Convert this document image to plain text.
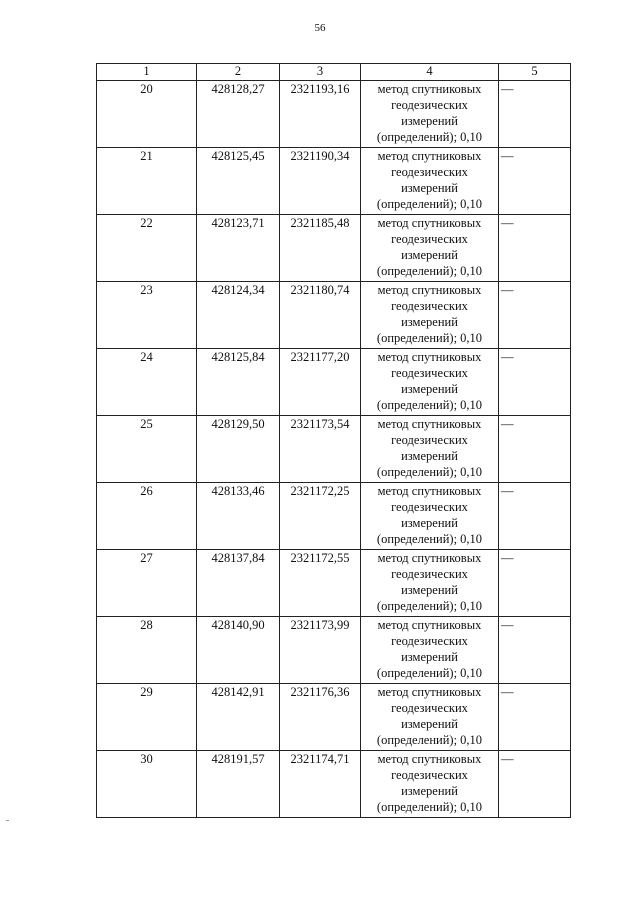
56
1	2	3	4	5
20	428128,27	2321193,16	метод спутниковых
геодезических
измерений
(определений); 0,10	—
21	428125,45	2321190,34	метод спутниковых
геодезических
измерений
(определений); 0,10	—
22	428123,71	2321185,48	метод спутниковых
геодезических
измерений
(определений); 0,10	—
23	428124,34	2321180,74	метод спутниковых
геодезических
измерений
(определений); 0,10	—
24	428125,84	2321177,20	метод спутниковых
геодезических
измерений
(определений); 0,10	—
25	428129,50	2321173,54	метод спутниковых
геодезических
измерений
(определений); 0,10	—
26	428133,46	2321172,25	метод спутниковых
геодезических
измерений
(определений); 0,10	—
27	428137,84	2321172,55	метод спутниковых
геодезических
измерений
(определений); 0,10	—
28	428140,90	2321173,99	метод спутниковых
геодезических
измерений
(определений); 0,10	—
29	428142,91	2321176,36	метод спутниковых
геодезических
измерений
(определений); 0,10	—
30	428191,57	2321174,71	метод спутниковых
геодезических
измерений
(определений); 0,10	—
